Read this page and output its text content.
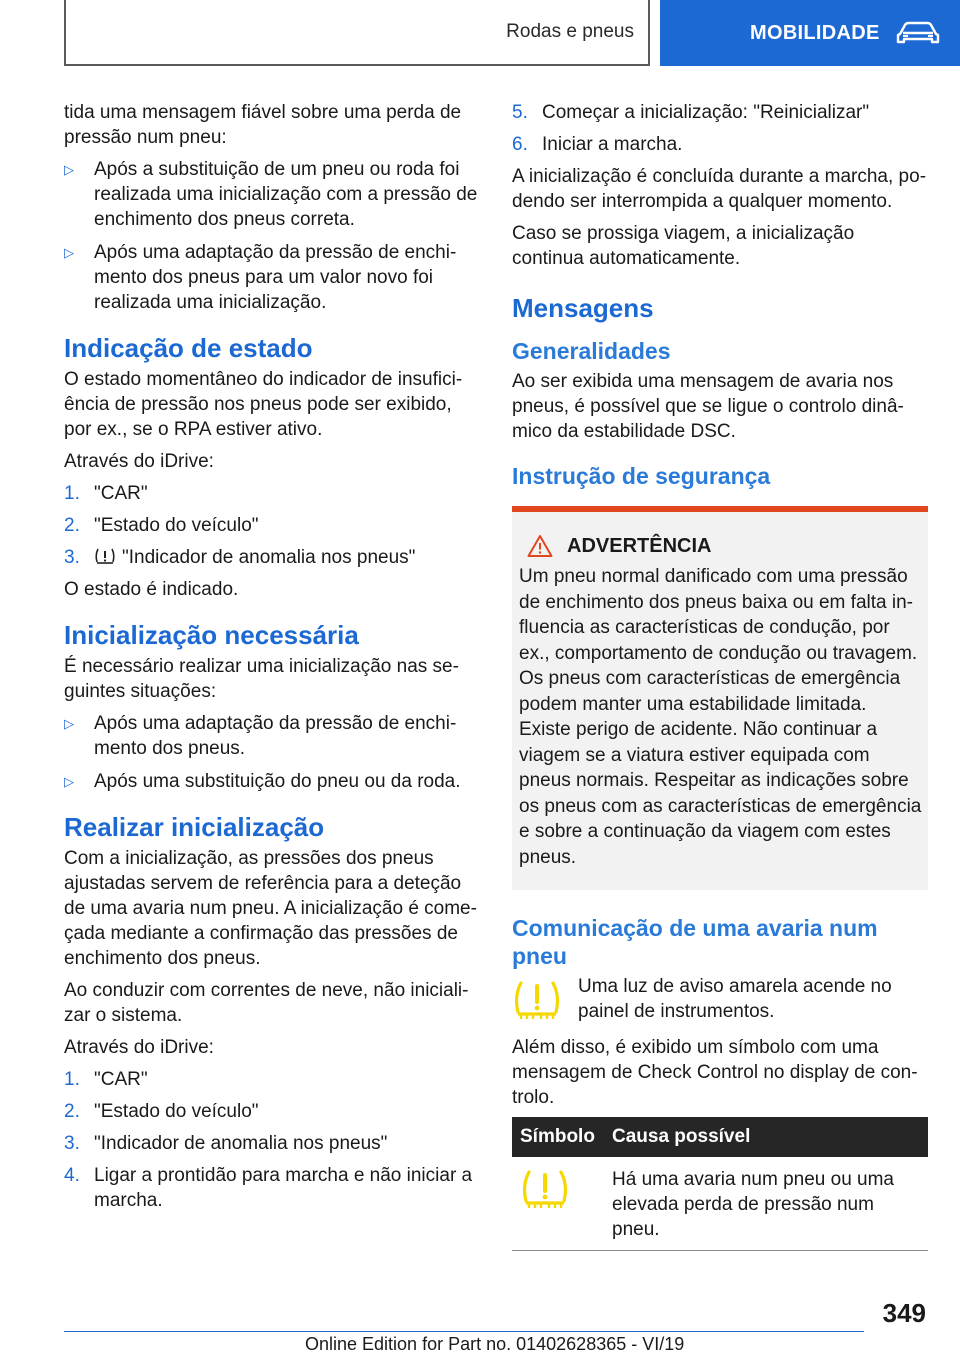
Rodas e pneus	MOBILIDADE

tida uma mensagem fiável sobre uma perda de pressão num pneu:

▷ Após a substituição de um pneu ou roda foi realizada uma inicialização com a pressão de enchimento dos pneus correta.
▷ Após uma adaptação da pressão de enchimento dos pneus para um valor novo foi realizada uma inicialização.
Indicação de estado

O estado momentâneo do indicador de insuficiência de pressão nos pneus pode ser exibido, por ex., se o RPA estiver ativo.

Através do iDrive:

1. "CAR"
2. "Estado do veículo"
3. "Indicador de anomalia nos pneus"

O estado é indicado.

Inicialização necessária

É necessário realizar uma inicialização nas seguintes situações:

▷ Após uma adaptação da pressão de enchimento dos pneus.
▷ Após uma substituição do pneu ou da roda.
Realizar inicialização

Com a inicialização, as pressões dos pneus ajustadas servem de referência para a deteção de uma avaria num pneu. A inicialização é começada mediante a confirmação das pressões de enchimento dos pneus.

Ao conduzir com correntes de neve, não inicializar o sistema.

Através do iDrive:

1. "CAR"
2. "Estado do veículo"
3. "Indicador de anomalia nos pneus"
4. Ligar a prontidão para marcha e não iniciar a marcha.
5. Começar a inicialização: "Reinicializar"
6. Iniciar a marcha.

A inicialização é concluída durante a marcha, podendo ser interrompida a qualquer momento.

Caso se prossiga viagem, a inicialização continua automaticamente.

Mensagens
Generalidades

Ao ser exibida uma mensagem de avaria nos pneus, é possível que se ligue o controlo dinâmico da estabilidade DSC.

Instrução de segurança
ADVERTÊNCIA

Um pneu normal danificado com uma pressão de enchimento dos pneus baixa ou em falta influencia as características de condução, por ex., comportamento de condução ou travagem. Os pneus com características de emergência podem manter uma estabilidade limitada. Existe perigo de acidente. Não continuar a viagem se a viatura estiver equipada com pneus normais. Respeitar as indicações sobre os pneus com as características de emergência e sobre a continuação da viagem com estes pneus.

Comunicação de uma avaria num pneu

Uma luz de aviso amarela acende no painel de instrumentos.

Além disso, é exibido um símbolo com uma mensagem de Check Control no display de controlo.

Símbolo	Causa possível
	Há uma avaria num pneu ou uma elevada perda de pressão num pneu.
349
Online Edition for Part no. 01402628365 - VI/19
